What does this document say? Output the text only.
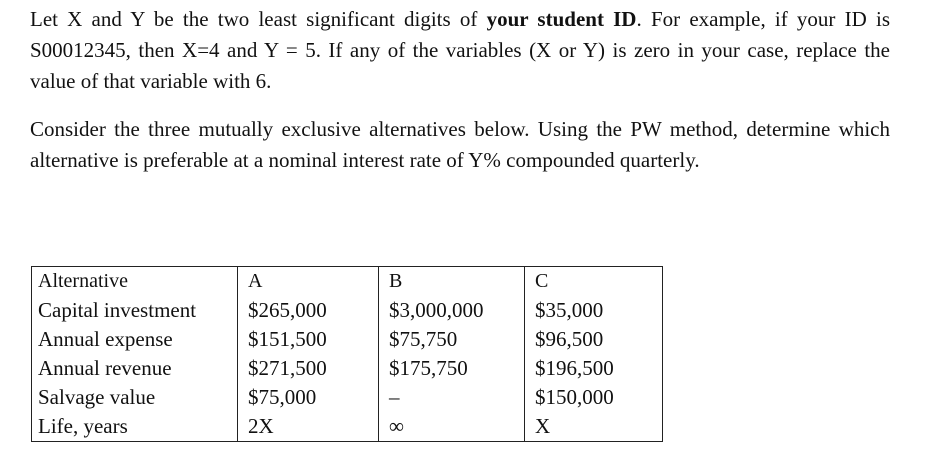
Let X and Y be the two least significant digits of your student ID. For example, if your ID is S00012345, then X=4 and Y = 5. If any of the variables (X or Y) is zero in your case, replace the value of that variable with 6.

Consider the three mutually exclusive alternatives below. Using the PW method, determine which alternative is preferable at a nominal interest rate of Y% compounded quarterly.

Alternative	A	B	C
Capital investment	$265,000	$3,000,000	$35,000
Annual expense	$151,500	$75,750	$96,500
Annual revenue	$271,500	$175,750	$196,500
Salvage value	$75,000	–	$150,000
Life, years	2X	∞	X
